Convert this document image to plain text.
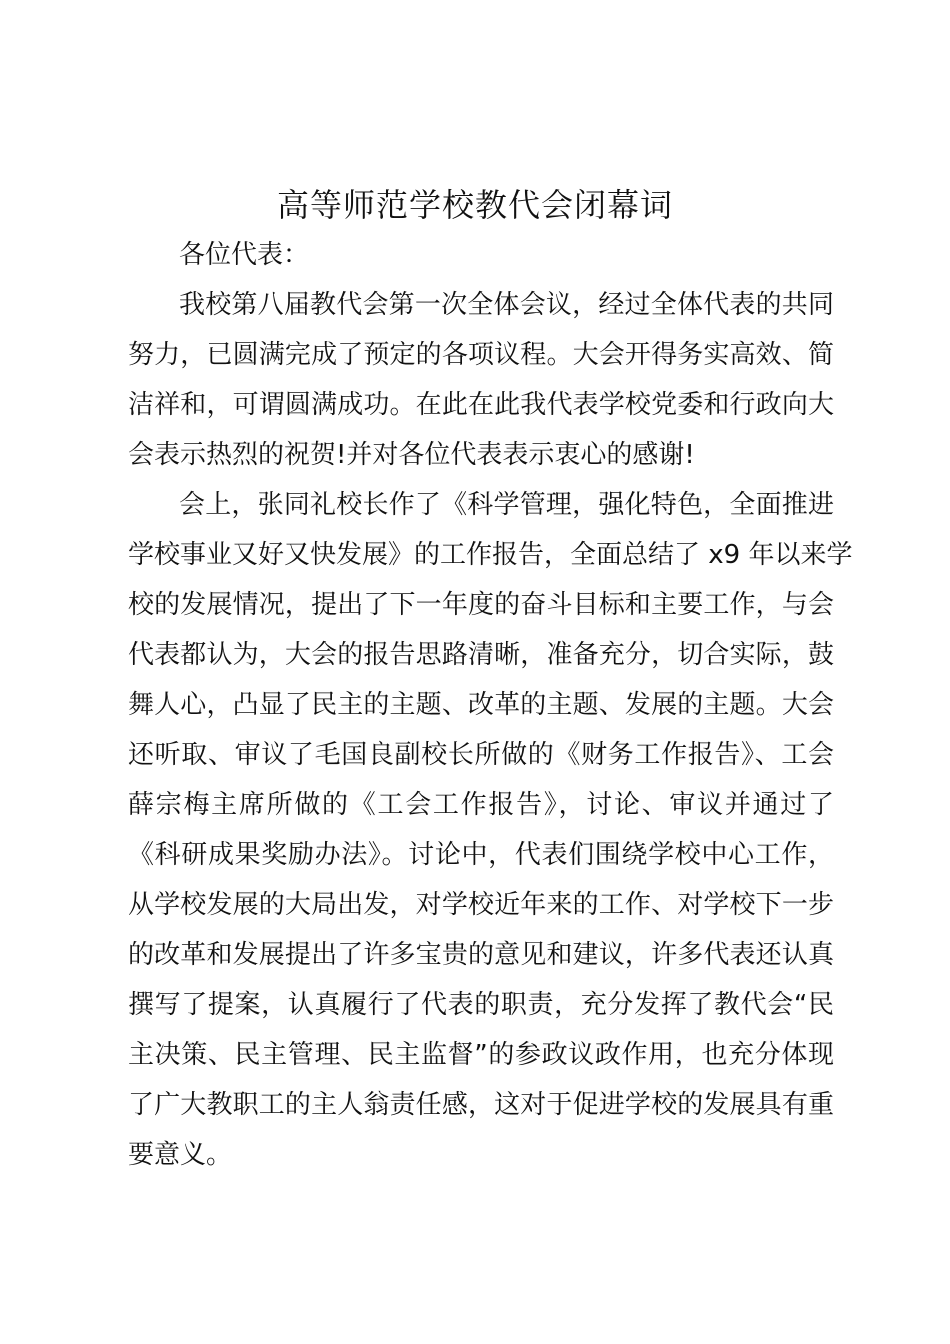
高等师范学校教代会闭幕词
各位代表：
我校第八届教代会第一次全体会议，经过全体代表的共同
努力，已圆满完成了预定的各项议程。大会开得务实高效、简
洁祥和，可谓圆满成功。在此在此我代表学校党委和行政向大
会表示热烈的祝贺!并对各位代表表示衷心的感谢!
会上，张同礼校长作了《科学管理，强化特色，全面推进
学校事业又好又快发展》的工作报告，全面总结了 x9 年以来学
校的发展情况，提出了下一年度的奋斗目标和主要工作，与会
代表都认为，大会的报告思路清晰，准备充分，切合实际，鼓
舞人心，凸显了民主的主题、改革的主题、发展的主题。大会
还听取、审议了毛国良副校长所做的《财务工作报告》、工会
薛宗梅主席所做的《工会工作报告》，讨论、审议并通过了
《科研成果奖励办法》。讨论中，代表们围绕学校中心工作，
从学校发展的大局出发，对学校近年来的工作、对学校下一步
的改革和发展提出了许多宝贵的意见和建议，许多代表还认真
撰写了提案，认真履行了代表的职责，充分发挥了教代会“民
主决策、民主管理、民主监督”的参政议政作用，也充分体现
了广大教职工的主人翁责任感，这对于促进学校的发展具有重
要意义。
